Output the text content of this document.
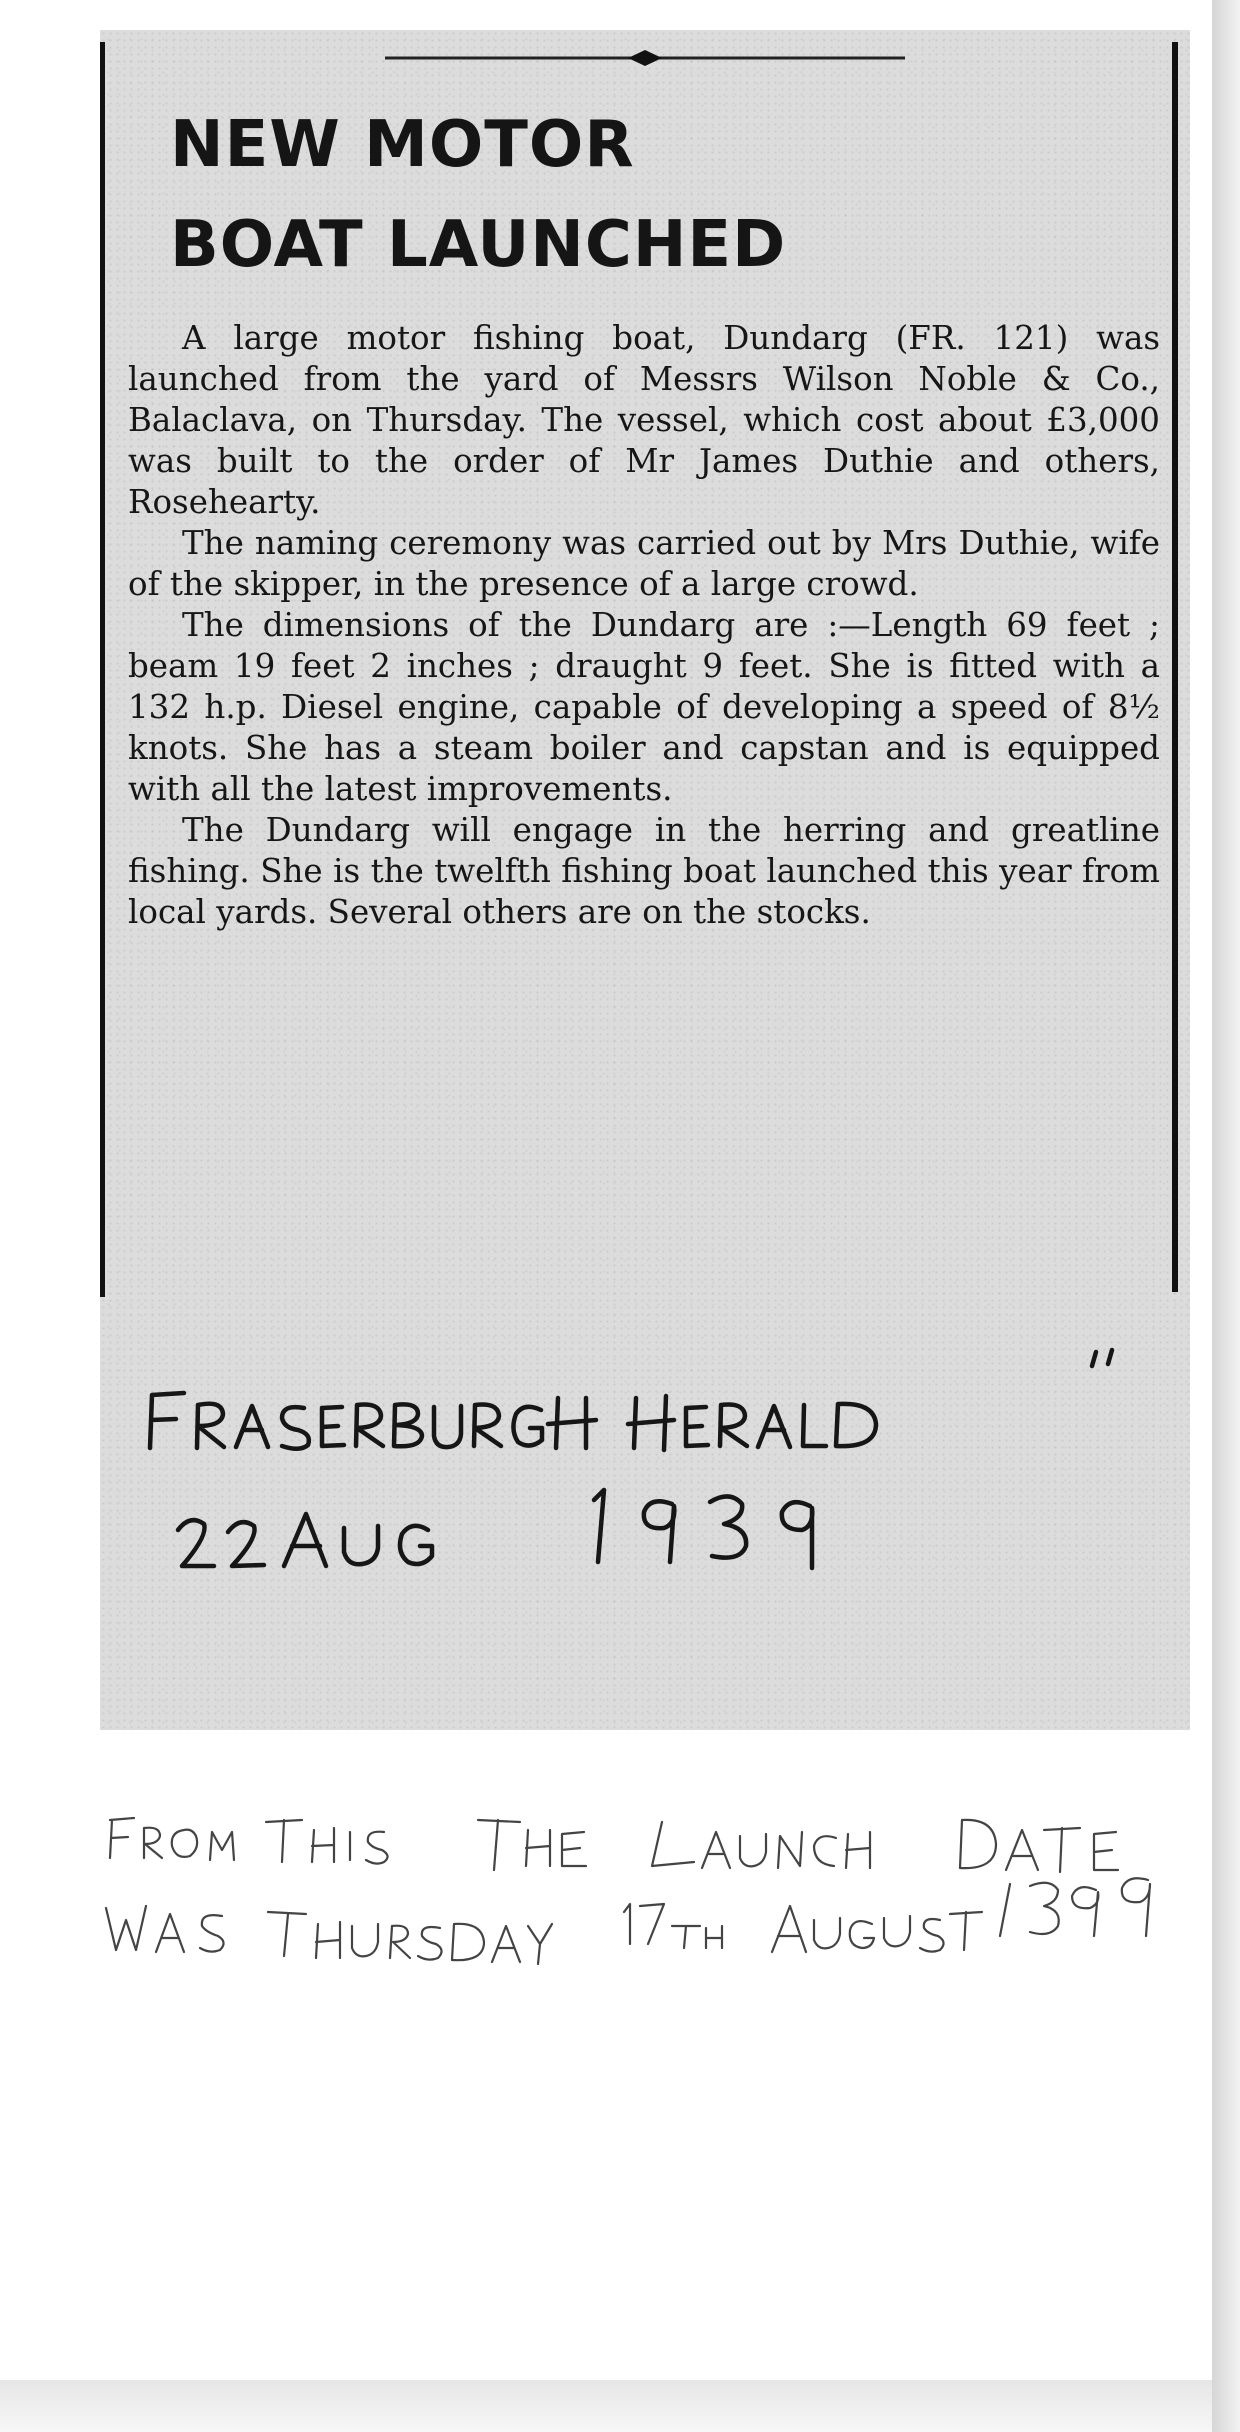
NEW MOTOR
BOAT LAUNCHED

A large motor fishing boat, Dundarg (FR. 121) was launched from the yard of Messrs Wilson Noble & Co., Balaclava, on Thursday. The vessel, which cost about £3,000 was built to the order of Mr James Duthie and others, Rosehearty.

The naming ceremony was carried out by Mrs Duthie, wife of the skipper, in the presence of a large crowd.

The dimensions of the Dundarg are :—Length 69 feet ; beam 19 feet 2 inches ; draught 9 feet. She is fitted with a 132 h.p. Diesel engine, capable of developing a speed of 8½ knots. She has a steam boiler and capstan and is equipped with all the latest improvements.

The Dundarg will engage in the herring and greatline fishing. She is the twelfth fishing boat launched this year from local yards. Several others are on the stocks.
